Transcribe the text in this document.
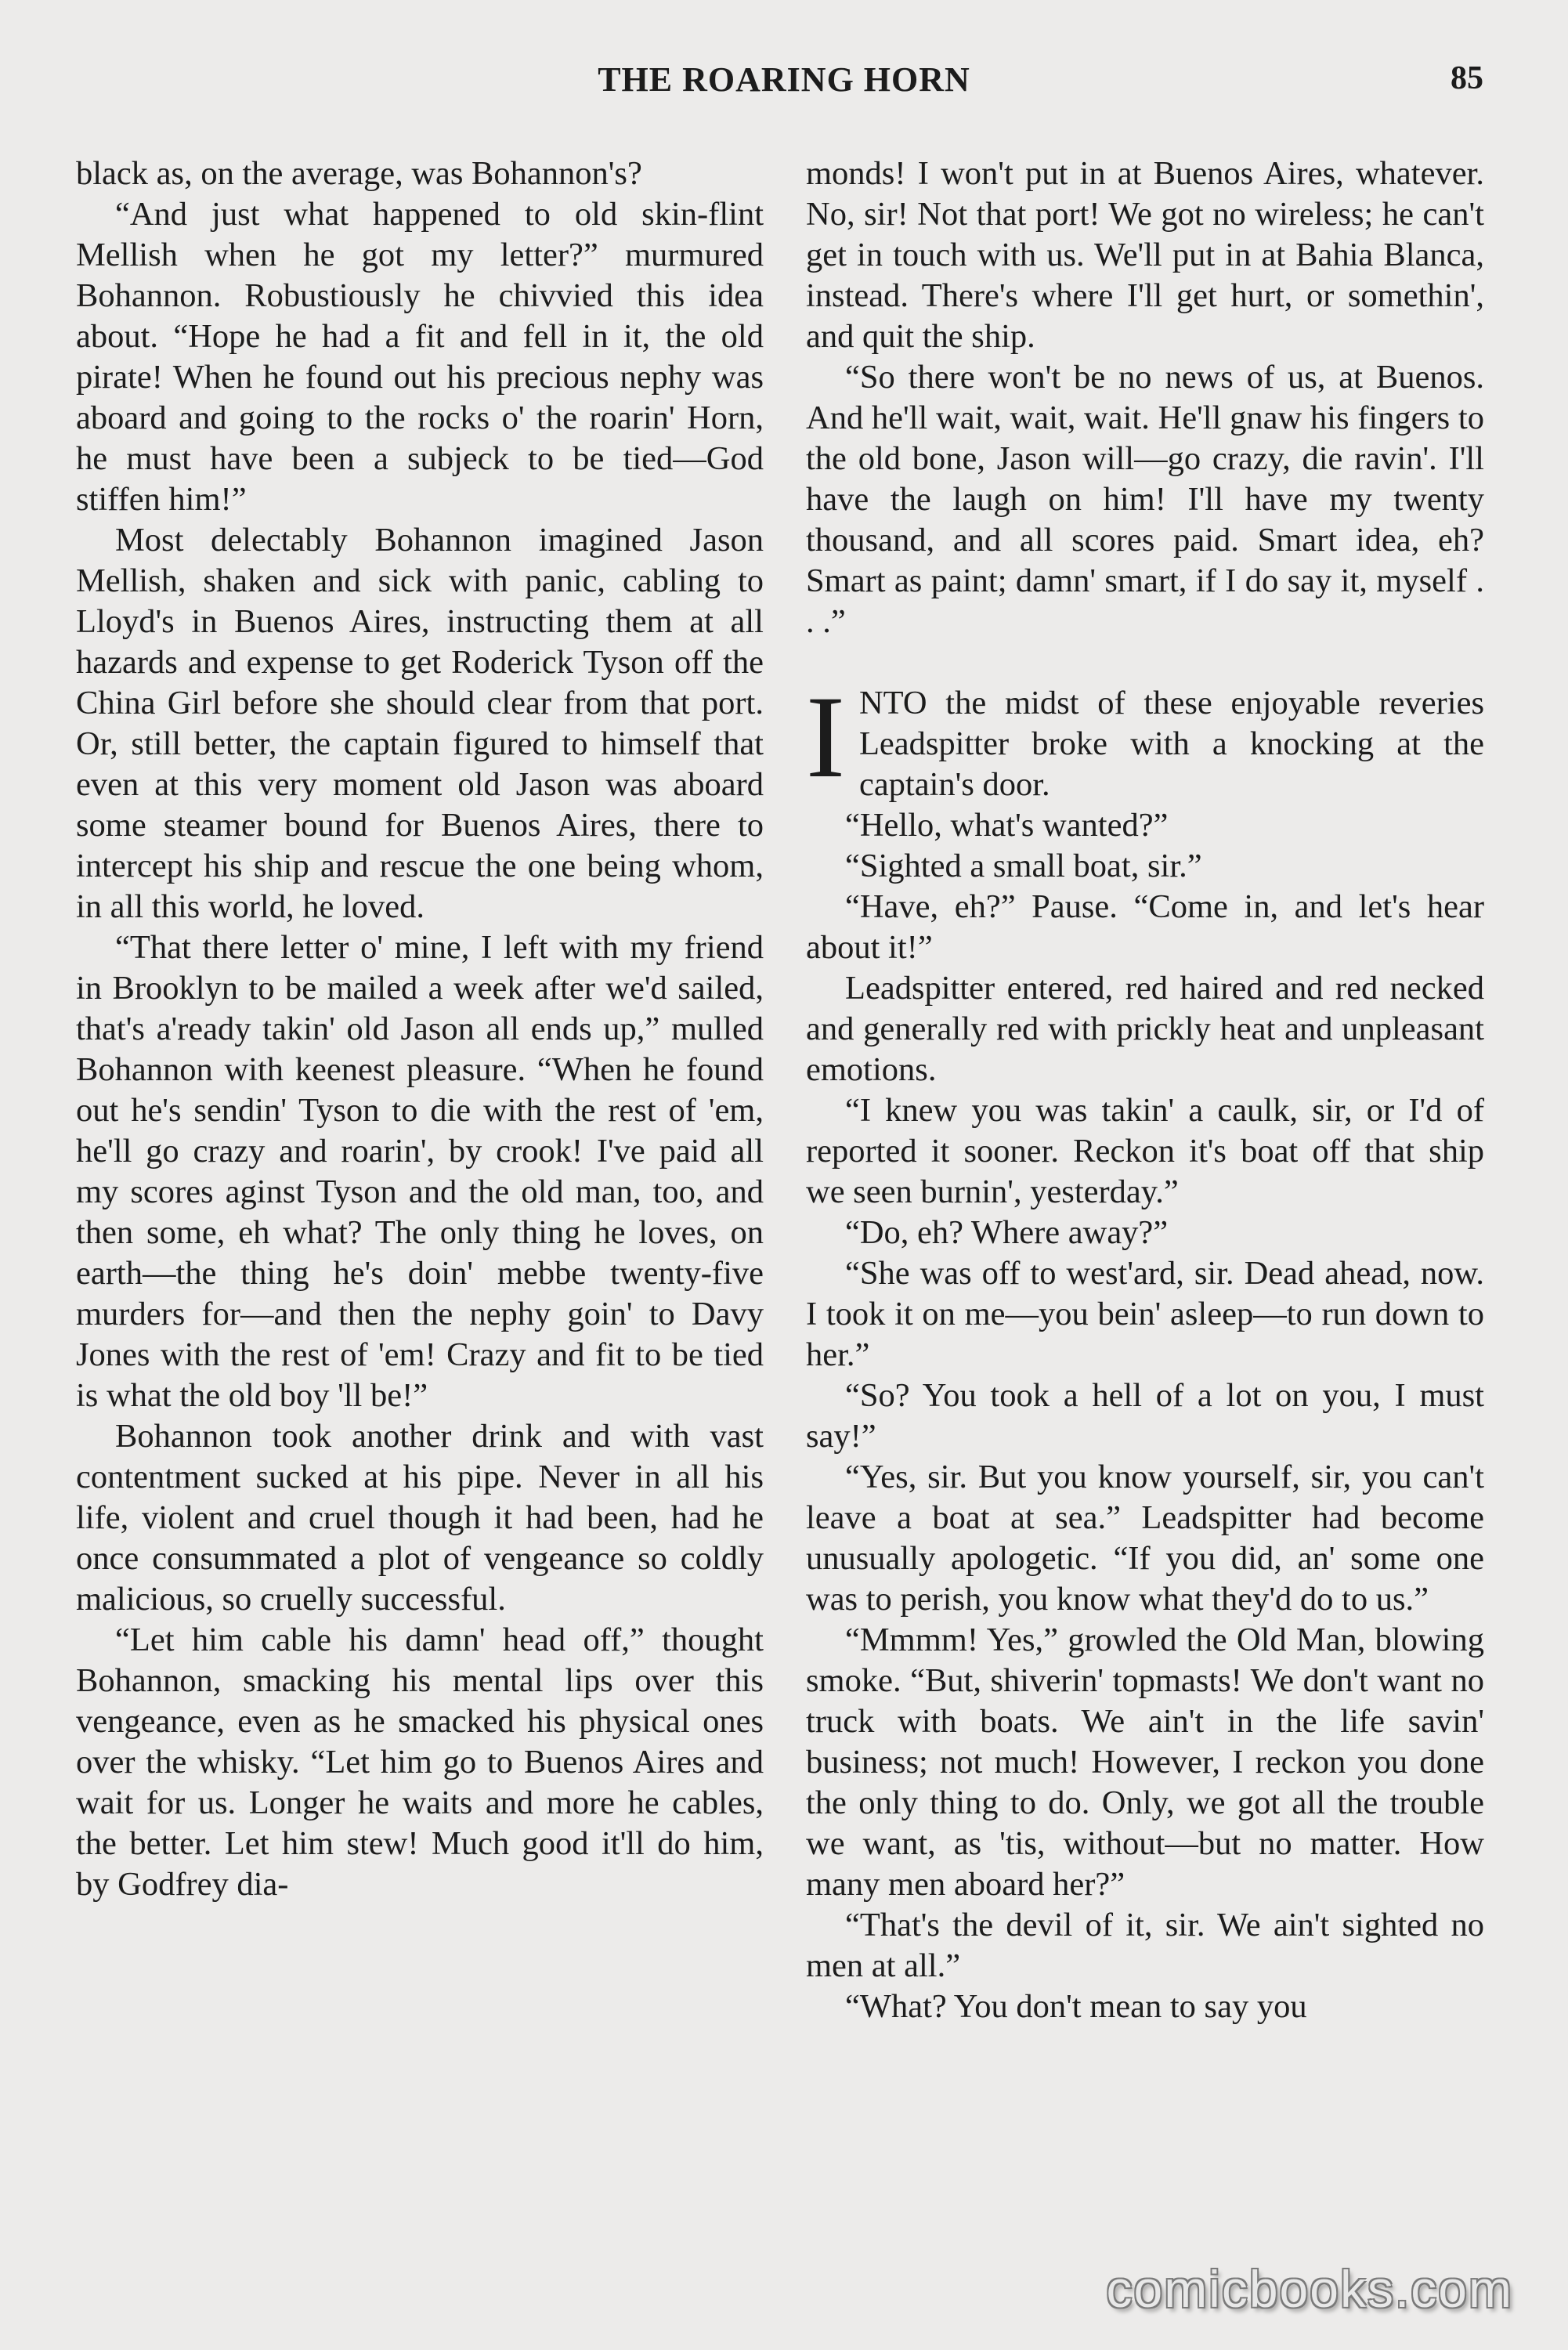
THE ROARING HORN	85

black as, on the average, was Bohannon's?

“And just what happened to old skin-flint Mellish when he got my letter?” murmured Bohannon. Robustiously he chivvied this idea about. “Hope he had a fit and fell in it, the old pirate! When he found out his precious nephy was aboard and going to the rocks o' the roarin' Horn, he must have been a subjeck to be tied—God stiffen him!”

Most delectably Bohannon imagined Jason Mellish, shaken and sick with panic, cabling to Lloyd's in Buenos Aires, instructing them at all hazards and expense to get Roderick Tyson off the China Girl before she should clear from that port. Or, still better, the captain figured to himself that even at this very moment old Jason was aboard some steamer bound for Buenos Aires, there to intercept his ship and rescue the one being whom, in all this world, he loved.

“That there letter o' mine, I left with my friend in Brooklyn to be mailed a week after we'd sailed, that's a'ready takin' old Jason all ends up,” mulled Bohannon with keenest pleasure. “When he found out he's sendin' Tyson to die with the rest of 'em, he'll go crazy and roarin', by crook! I've paid all my scores aginst Tyson and the old man, too, and then some, eh what? The only thing he loves, on earth—the thing he's doin' mebbe twenty-five murders for—and then the nephy goin' to Davy Jones with the rest of 'em! Crazy and fit to be tied is what the old boy 'll be!”

Bohannon took another drink and with vast contentment sucked at his pipe. Never in all his life, violent and cruel though it had been, had he once consummated a plot of vengeance so coldly malicious, so cruelly successful.

“Let him cable his damn' head off,” thought Bohannon, smacking his mental lips over this vengeance, even as he smacked his physical ones over the whisky. “Let him go to Buenos Aires and wait for us. Longer he waits and more he cables, the better. Let him stew! Much good it'll do him, by Godfrey dia-

monds! I won't put in at Buenos Aires, whatever. No, sir! Not that port! We got no wireless; he can't get in touch with us. We'll put in at Bahia Blanca, instead. There's where I'll get hurt, or somethin', and quit the ship.

“So there won't be no news of us, at Buenos. And he'll wait, wait, wait. He'll gnaw his fingers to the old bone, Jason will—go crazy, die ravin'. I'll have the laugh on him! I'll have my twenty thousand, and all scores paid. Smart idea, eh? Smart as paint; damn' smart, if I do say it, myself . . .”

INTO the midst of these enjoyable reveries Leadspitter broke with a knocking at the captain's door.

“Hello, what's wanted?”

“Sighted a small boat, sir.”

“Have, eh?” Pause. “Come in, and let's hear about it!”

Leadspitter entered, red haired and red necked and generally red with prickly heat and unpleasant emotions.

“I knew you was takin' a caulk, sir, or I'd of reported it sooner. Reckon it's boat off that ship we seen burnin', yesterday.”

“Do, eh? Where away?”

“She was off to west'ard, sir. Dead ahead, now. I took it on me—you bein' asleep—to run down to her.”

“So? You took a hell of a lot on you, I must say!”

“Yes, sir. But you know yourself, sir, you can't leave a boat at sea.” Leadspitter had become unusually apologetic. “If you did, an' some one was to perish, you know what they'd do to us.”

“Mmmm! Yes,” growled the Old Man, blowing smoke. “But, shiverin' topmasts! We don't want no truck with boats. We ain't in the life savin' business; not much! However, I reckon you done the only thing to do. Only, we got all the trouble we want, as 'tis, without—but no matter. How many men aboard her?”

“That's the devil of it, sir. We ain't sighted no men at all.”

“What? You don't mean to say you

comicbooks.com
